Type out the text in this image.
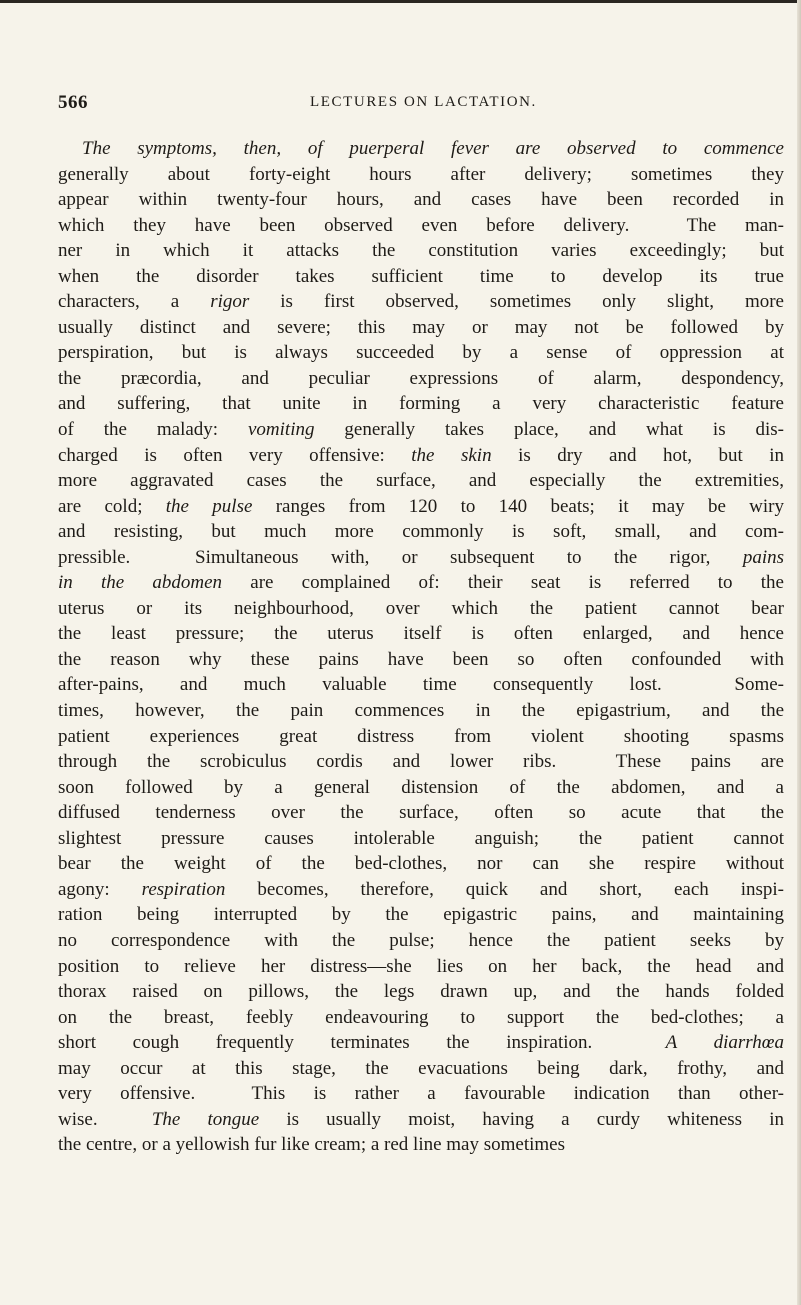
566	LECTURES ON LACTATION.
The symptoms, then, of puerperal fever are observed to commence
generally about forty-eight hours after delivery; sometimes they
appear within twenty-four hours, and cases have been recorded in
which they have been observed even before delivery.  The man-
ner in which it attacks the constitution varies exceedingly; but
when the disorder takes sufficient time to develop its true
characters, a rigor is first observed, sometimes only slight, more
usually distinct and severe; this may or may not be followed by
perspiration, but is always succeeded by a sense of oppression at
the præcordia, and peculiar expressions of alarm, despondency,
and suffering, that unite in forming a very characteristic feature
of the malady: vomiting generally takes place, and what is dis-
charged is often very offensive: the skin is dry and hot, but in
more aggravated cases the surface, and especially the extremities,
are cold; the pulse ranges from 120 to 140 beats; it may be wiry
and resisting, but much more commonly is soft, small, and com-
pressible.  Simultaneous with, or subsequent to the rigor, pains
in the abdomen are complained of: their seat is referred to the
uterus or its neighbourhood, over which the patient cannot bear
the least pressure; the uterus itself is often enlarged, and hence
the reason why these pains have been so often confounded with
after-pains, and much valuable time consequently lost.  Some-
times, however, the pain commences in the epigastrium, and the
patient experiences great distress from violent shooting spasms
through the scrobiculus cordis and lower ribs.  These pains are
soon followed by a general distension of the abdomen, and a
diffused tenderness over the surface, often so acute that the
slightest pressure causes intolerable anguish; the patient cannot
bear the weight of the bed-clothes, nor can she respire without
agony: respiration becomes, therefore, quick and short, each inspi-
ration being interrupted by the epigastric pains, and maintaining
no correspondence with the pulse; hence the patient seeks by
position to relieve her distress—she lies on her back, the head and
thorax raised on pillows, the legs drawn up, and the hands folded
on the breast, feebly endeavouring to support the bed-clothes; a
short cough frequently terminates the inspiration.  A diarrhœa
may occur at this stage, the evacuations being dark, frothy, and
very offensive.  This is rather a favourable indication than other-
wise.  The tongue is usually moist, having a curdy whiteness in
the centre, or a yellowish fur like cream; a red line may sometimes
